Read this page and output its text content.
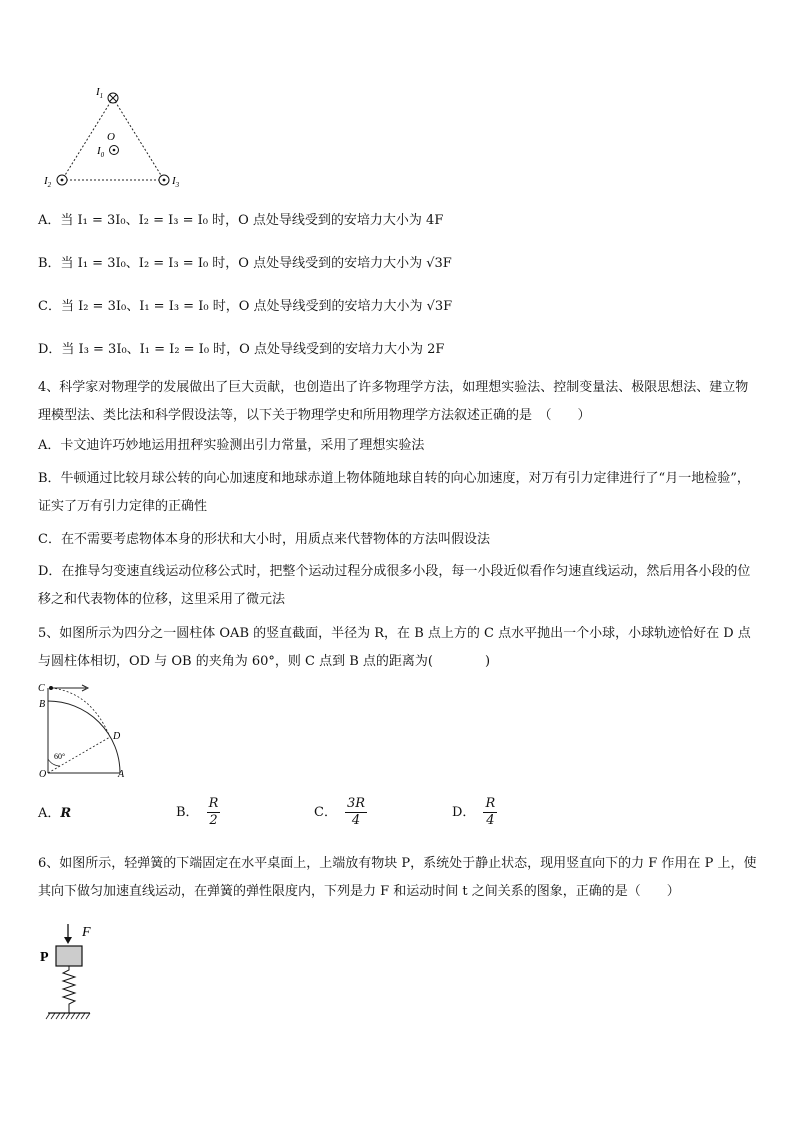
$I_1$
O
$I_0$
$I_2$	$I_3$
A．当 I₁ = 3I₀、I₂ = I₃ = I₀ 时，O 点处导线受到的安培力大小为 4F
B．当 I₁ = 3I₀、I₂ = I₃ = I₀ 时，O 点处导线受到的安培力大小为 √3F
C．当 I₂ = 3I₀、I₁ = I₃ = I₀ 时，O 点处导线受到的安培力大小为 √3F
D．当 I₃ = 3I₀、I₁ = I₂ = I₀ 时，O 点处导线受到的安培力大小为 2F
4、科学家对物理学的发展做出了巨大贡献，也创造出了许多物理学方法，如理想实验法、控制变量法、极限思想法、建立物理模型法、类比法和科学假设法等，以下关于物理学史和所用物理学方法叙述正确的是　（　　）
A．卡文迪许巧妙地运用扭秤实验测出引力常量，采用了理想实验法
B．牛顿通过比较月球公转的向心加速度和地球赤道上物体随地球自转的向心加速度，对万有引力定律进行了“月一地检验”，证实了万有引力定律的正确性
C．在不需要考虑物体本身的形状和大小时，用质点来代替物体的方法叫假设法
D．在推导匀变速直线运动位移公式时，把整个运动过程分成很多小段，每一小段近似看作匀速直线运动，然后用各小段的位移之和代表物体的位移，这里采用了微元法
5、如图所示为四分之一圆柱体 OAB 的竖直截面，半径为 R，在 B 点上方的 C 点水平抛出一个小球，小球轨迹恰好在 D 点与圆柱体相切，OD 与 OB 的夹角为 60°，则 C 点到 B 点的距离为(　　　　)
C
B
D
O	A
60°
A．R	B． $\frac{R}{2}$	C． $\frac{3R}{4}$	D． $\frac{R}{4}$
6、如图所示，轻弹簧的下端固定在水平桌面上，上端放有物块 P，系统处于静止状态，现用竖直向下的力 F 作用在 P 上，使其向下做匀加速直线运动，在弹簧的弹性限度内，下列是力 F 和运动时间 t 之间关系的图象，正确的是（　　）
P
F
